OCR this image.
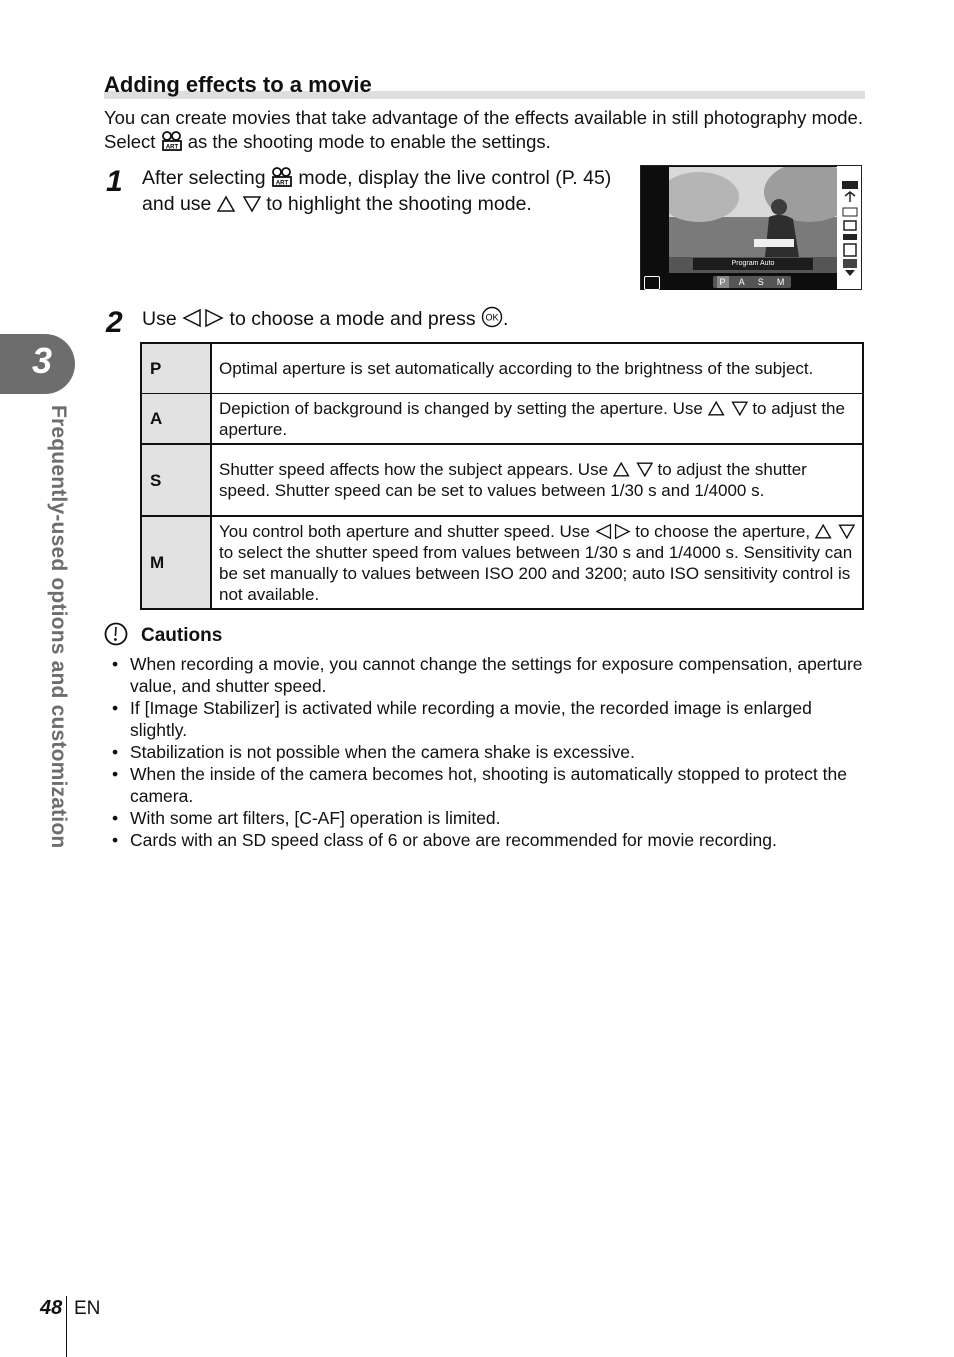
3
Frequently-used options and customization
Adding effects to a movie
You can create movies that take advantage of the effects available in still photography mode. Select ART as the shooting mode to enable the settings.
1 After selecting ART mode, display the live control (P. 45) and use	to highlight the shooting mode.
Program Auto
P	A	S	M
2 Use	to choose a mode and press OK .
P	Optimal aperture is set automatically according to the brightness of the subject.
A	Depiction of background is changed by setting the aperture. Use to adjust the aperture.
S	Shutter speed affects how the subject appears. Use to adjust the shutter speed. Shutter speed can be set to values between 1/30 s and 1/4000 s.
M	You control both aperture and shutter speed. Use to choose the aperture,  to select the shutter speed from values between 1/30 s and 1/4000 s. Sensitivity can be set manually to values between ISO 200 and 3200; auto ISO sensitivity control is not available.
Cautions
• When recording a movie, you cannot change the settings for exposure compensation, aperture value, and shutter speed.
• If [Image Stabilizer] is activated while recording a movie, the recorded image is enlarged slightly.
• Stabilization is not possible when the camera shake is excessive.
• When the inside of the camera becomes hot, shooting is automatically stopped to protect the camera.
• With some art filters, [C-AF] operation is limited.
• Cards with an SD speed class of 6 or above are recommended for movie recording.
48 EN
